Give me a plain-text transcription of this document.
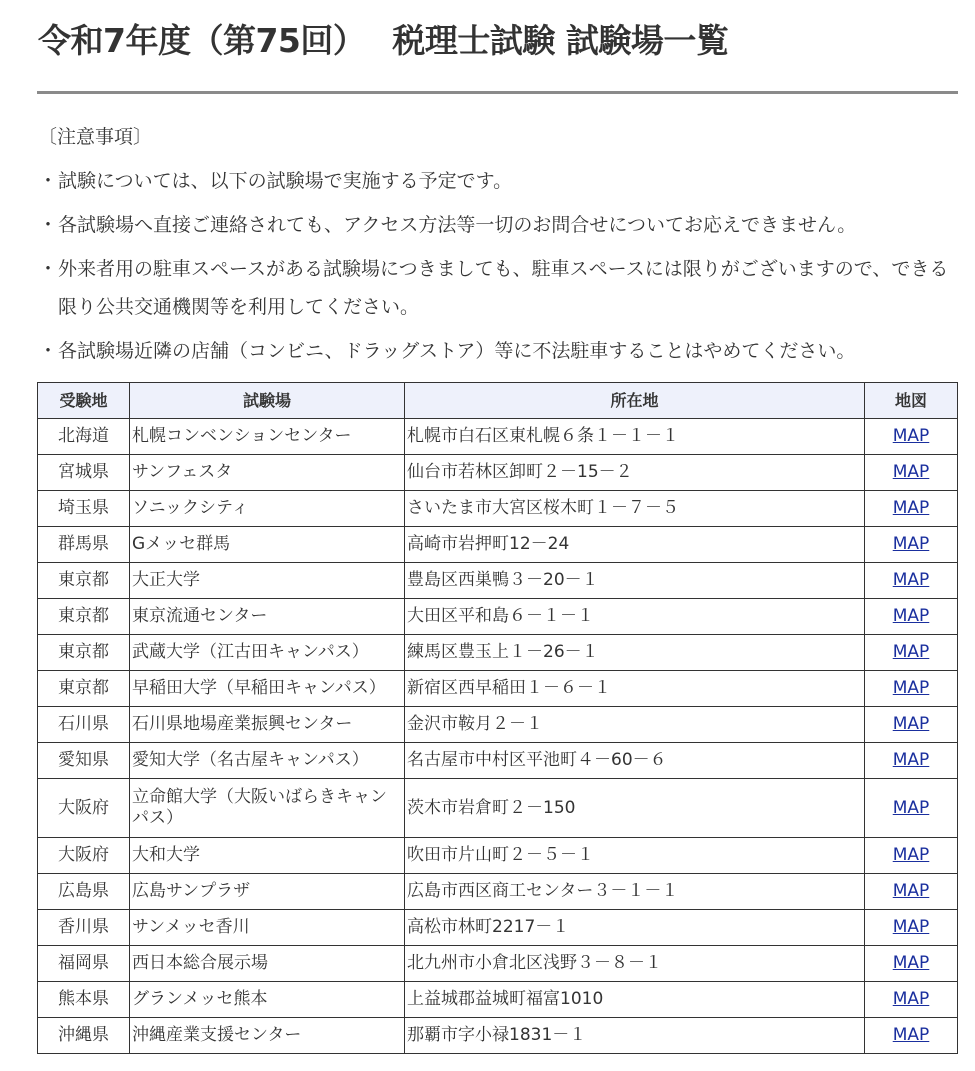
令和7年度（第75回）　 税理士試験 試験場一覧
〔注意事項〕
・ 試験については、以下の試験場で実施する予定です。
・ 各試験場へ直接ご連絡されても、アクセス方法等一切のお問合せについてお応えできません。
・ 外来者用の駐車スペースがある試験場につきましても、駐車スペースには限りがございますので、できる限り公共交通機関等を利用してください。
・ 各試験場近隣の店舗（コンビニ、ドラッグストア）等に不法駐車することはやめてください。
受験地	試験場	所在地	地図
北海道	札幌コンベンションセンター	札幌市白石区東札幌６条１－１－１	MAP
宮城県	サンフェスタ	仙台市若林区卸町２－15－２	MAP
埼玉県	ソニックシティ	さいたま市大宮区桜木町１－７－５	MAP
群馬県	Gメッセ群馬	高崎市岩押町12－24	MAP
東京都	大正大学	豊島区西巣鴨３－20－１	MAP
東京都	東京流通センター	大田区平和島６－１－１	MAP
東京都	武蔵大学（江古田キャンパス）	練馬区豊玉上１－26－１	MAP
東京都	早稲田大学（早稲田キャンパス）	新宿区西早稲田１－６－１	MAP
石川県	石川県地場産業振興センター	金沢市鞍月２－１	MAP
愛知県	愛知大学（名古屋キャンパス）	名古屋市中村区平池町４－60－６	MAP
大阪府	立命館大学（大阪いばらきキャンパス）	茨木市岩倉町２－150	MAP
大阪府	大和大学	吹田市片山町２－５－１	MAP
広島県	広島サンプラザ	広島市西区商工センター３－１－１	MAP
香川県	サンメッセ香川	高松市林町2217－１	MAP
福岡県	西日本総合展示場	北九州市小倉北区浅野３－８－１	MAP
熊本県	グランメッセ熊本	上益城郡益城町福富1010	MAP
沖縄県	沖縄産業支援センター	那覇市字小禄1831－１	MAP
